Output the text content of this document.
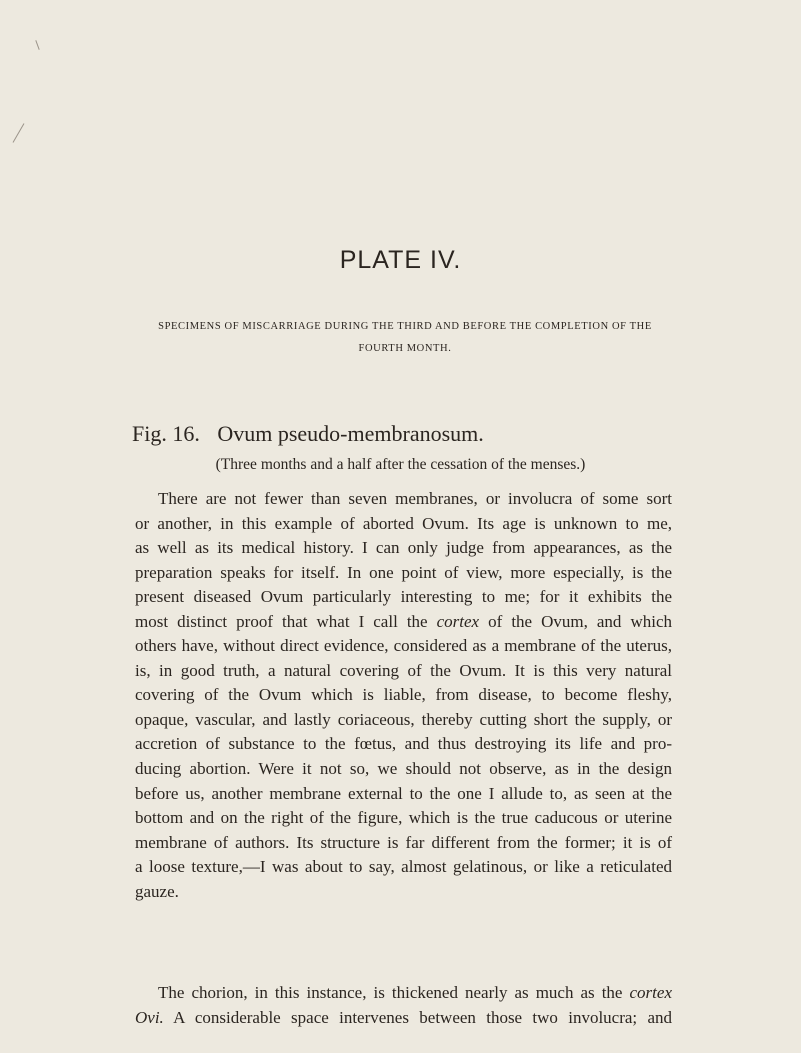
PLATE IV.
SPECIMENS OF MISCARRIAGE DURING THE THIRD AND BEFORE THE COMPLETION OF THE
FOURTH MONTH.
Fig. 16. Ovum pseudo-membranosum.
(Three months and a half after the cessation of the menses.)
There are not fewer than seven membranes, or involucra of some sort
or another, in this example of aborted Ovum. Its age is unknown to me,
as well as its medical history. I can only judge from appearances, as the
preparation speaks for itself. In one point of view, more especially, is the
present diseased Ovum particularly interesting to me; for it exhibits the
most distinct proof that what I call the cortex of the Ovum, and which
others have, without direct evidence, considered as a membrane of the uterus,
is, in good truth, a natural covering of the Ovum. It is this very natural
covering of the Ovum which is liable, from disease, to become fleshy,
opaque, vascular, and lastly coriaceous, thereby cutting short the supply, or
accretion of substance to the fœtus, and thus destroying its life and pro-
ducing abortion. Were it not so, we should not observe, as in the design
before us, another membrane external to the one I allude to, as seen at the
bottom and on the right of the figure, which is the true caducous or uterine
membrane of authors. Its structure is far different from the former; it is of
a loose texture,—I was about to say, almost gelatinous, or like a reticulated
gauze.
The chorion, in this instance, is thickened nearly as much as the cortex
Ovi. A considerable space intervenes between those two involucra; and
